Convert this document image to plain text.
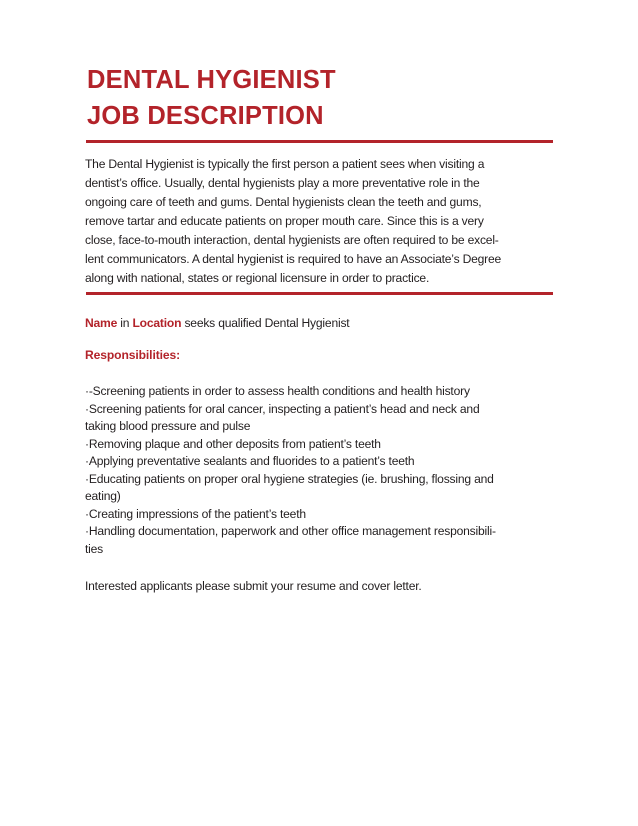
DENTAL HYGIENIST
JOB DESCRIPTION

The Dental Hygienist is typically the first person a patient sees when visiting a
dentist’s office. Usually, dental hygienists play a more preventative role in the
ongoing care of teeth and gums. Dental hygienists clean the teeth and gums,
remove tartar and educate patients on proper mouth care. Since this is a very
close, face-to-mouth interaction, dental hygienists are often required to be excel-
lent communicators. A dental hygienist is required to have an Associate’s Degree
along with national, states or regional licensure in order to practice.

Name in Location seeks qualified Dental Hygienist
Responsibilities:
·-Screening patients in order to assess health conditions and health history
·Screening patients for oral cancer, inspecting a patient’s head and neck and
taking blood pressure and pulse
·Removing plaque and other deposits from patient’s teeth
·Applying preventative sealants and fluorides to a patient’s teeth
·Educating patients on proper oral hygiene strategies (ie. brushing, flossing and
eating)
·Creating impressions of the patient’s teeth
·Handling documentation, paperwork and other office management responsibili-
ties
Interested applicants please submit your resume and cover letter.
